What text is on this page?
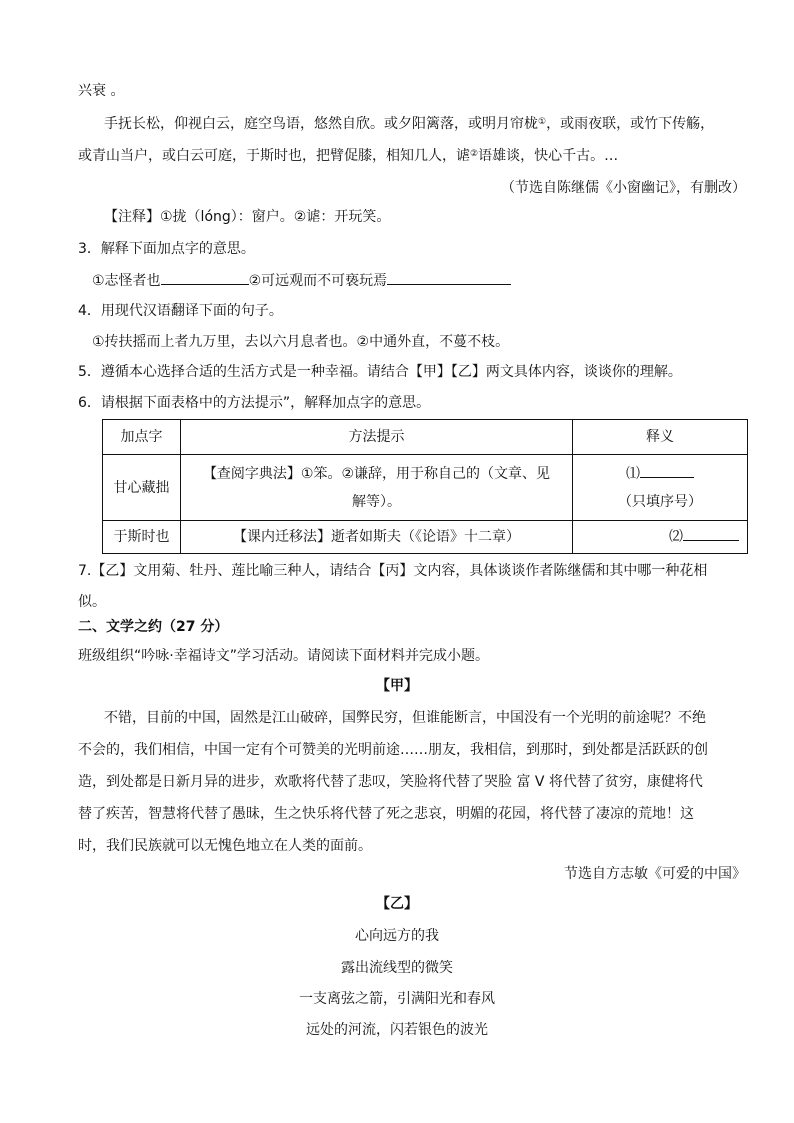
兴衰 。
手抚长松，仰视白云，庭空鸟语，悠然自欣。或夕阳篱落，或明月帘栊①，或雨夜联，或竹下传觞，
或青山当户，或白云可庭，于斯时也，把臂促膝，相知几人，谑②语雄谈，快心千古。…
（节选自陈继儒《小窗幽记》，有删改）
【注释】①拢（lóng）：窗户。②谑：开玩笑。
3．解释下面加点字的意思。
①志怪者也	②可远观而不可亵玩焉
4．用现代汉语翻译下面的句子。
①抟扶摇而上者九万里，去以六月息者也。②中通外直，不蔓不枝。
5．遵循本心选择合适的生活方式是一种幸福。请结合【甲】【乙】两文具体内容，谈谈你的理解。
6．请根据下面表格中的方法提示”，解释加点字的意思。
加点字	方法提示	释义
甘心藏拙	【查阅字典法】①笨。②谦辞，用于称自己的（文章、见解等）。	⑴（只填序号）
于斯时也	【课内迁移法】逝者如斯夫（《论语》十二章）	⑵
7.【乙】文用菊、牡丹、莲比喻三种人，请结合【丙】文内容，具体谈谈作者陈继儒和其中哪一种花相
似。
二、文学之约（27 分）
班级组织“吟咏·幸福诗文”学习活动。请阅读下面材料并完成小题。
【甲】
不错，目前的中国，固然是江山破碎，国弊民穷，但谁能断言，中国没有一个光明的前途呢？不绝
不会的，我们相信，中国一定有个可赞美的光明前途……朋友，我相信，到那时，到处都是活跃跃的创
造，到处都是日新月异的进步，欢歌将代替了悲叹，笑脸将代替了哭脸 富 V 将代替了贫穷，康健将代
替了疾苦，智慧将代替了愚昧，生之快乐将代替了死之悲哀，明媚的花园，将代替了凄凉的荒地！这
时，我们民族就可以无愧色地立在人类的面前。
节选自方志敏《可爱的中国》
【乙】
心向远方的我
露出流线型的微笑
一支离弦之箭，引满阳光和春风
远处的河流，闪若银色的波光
